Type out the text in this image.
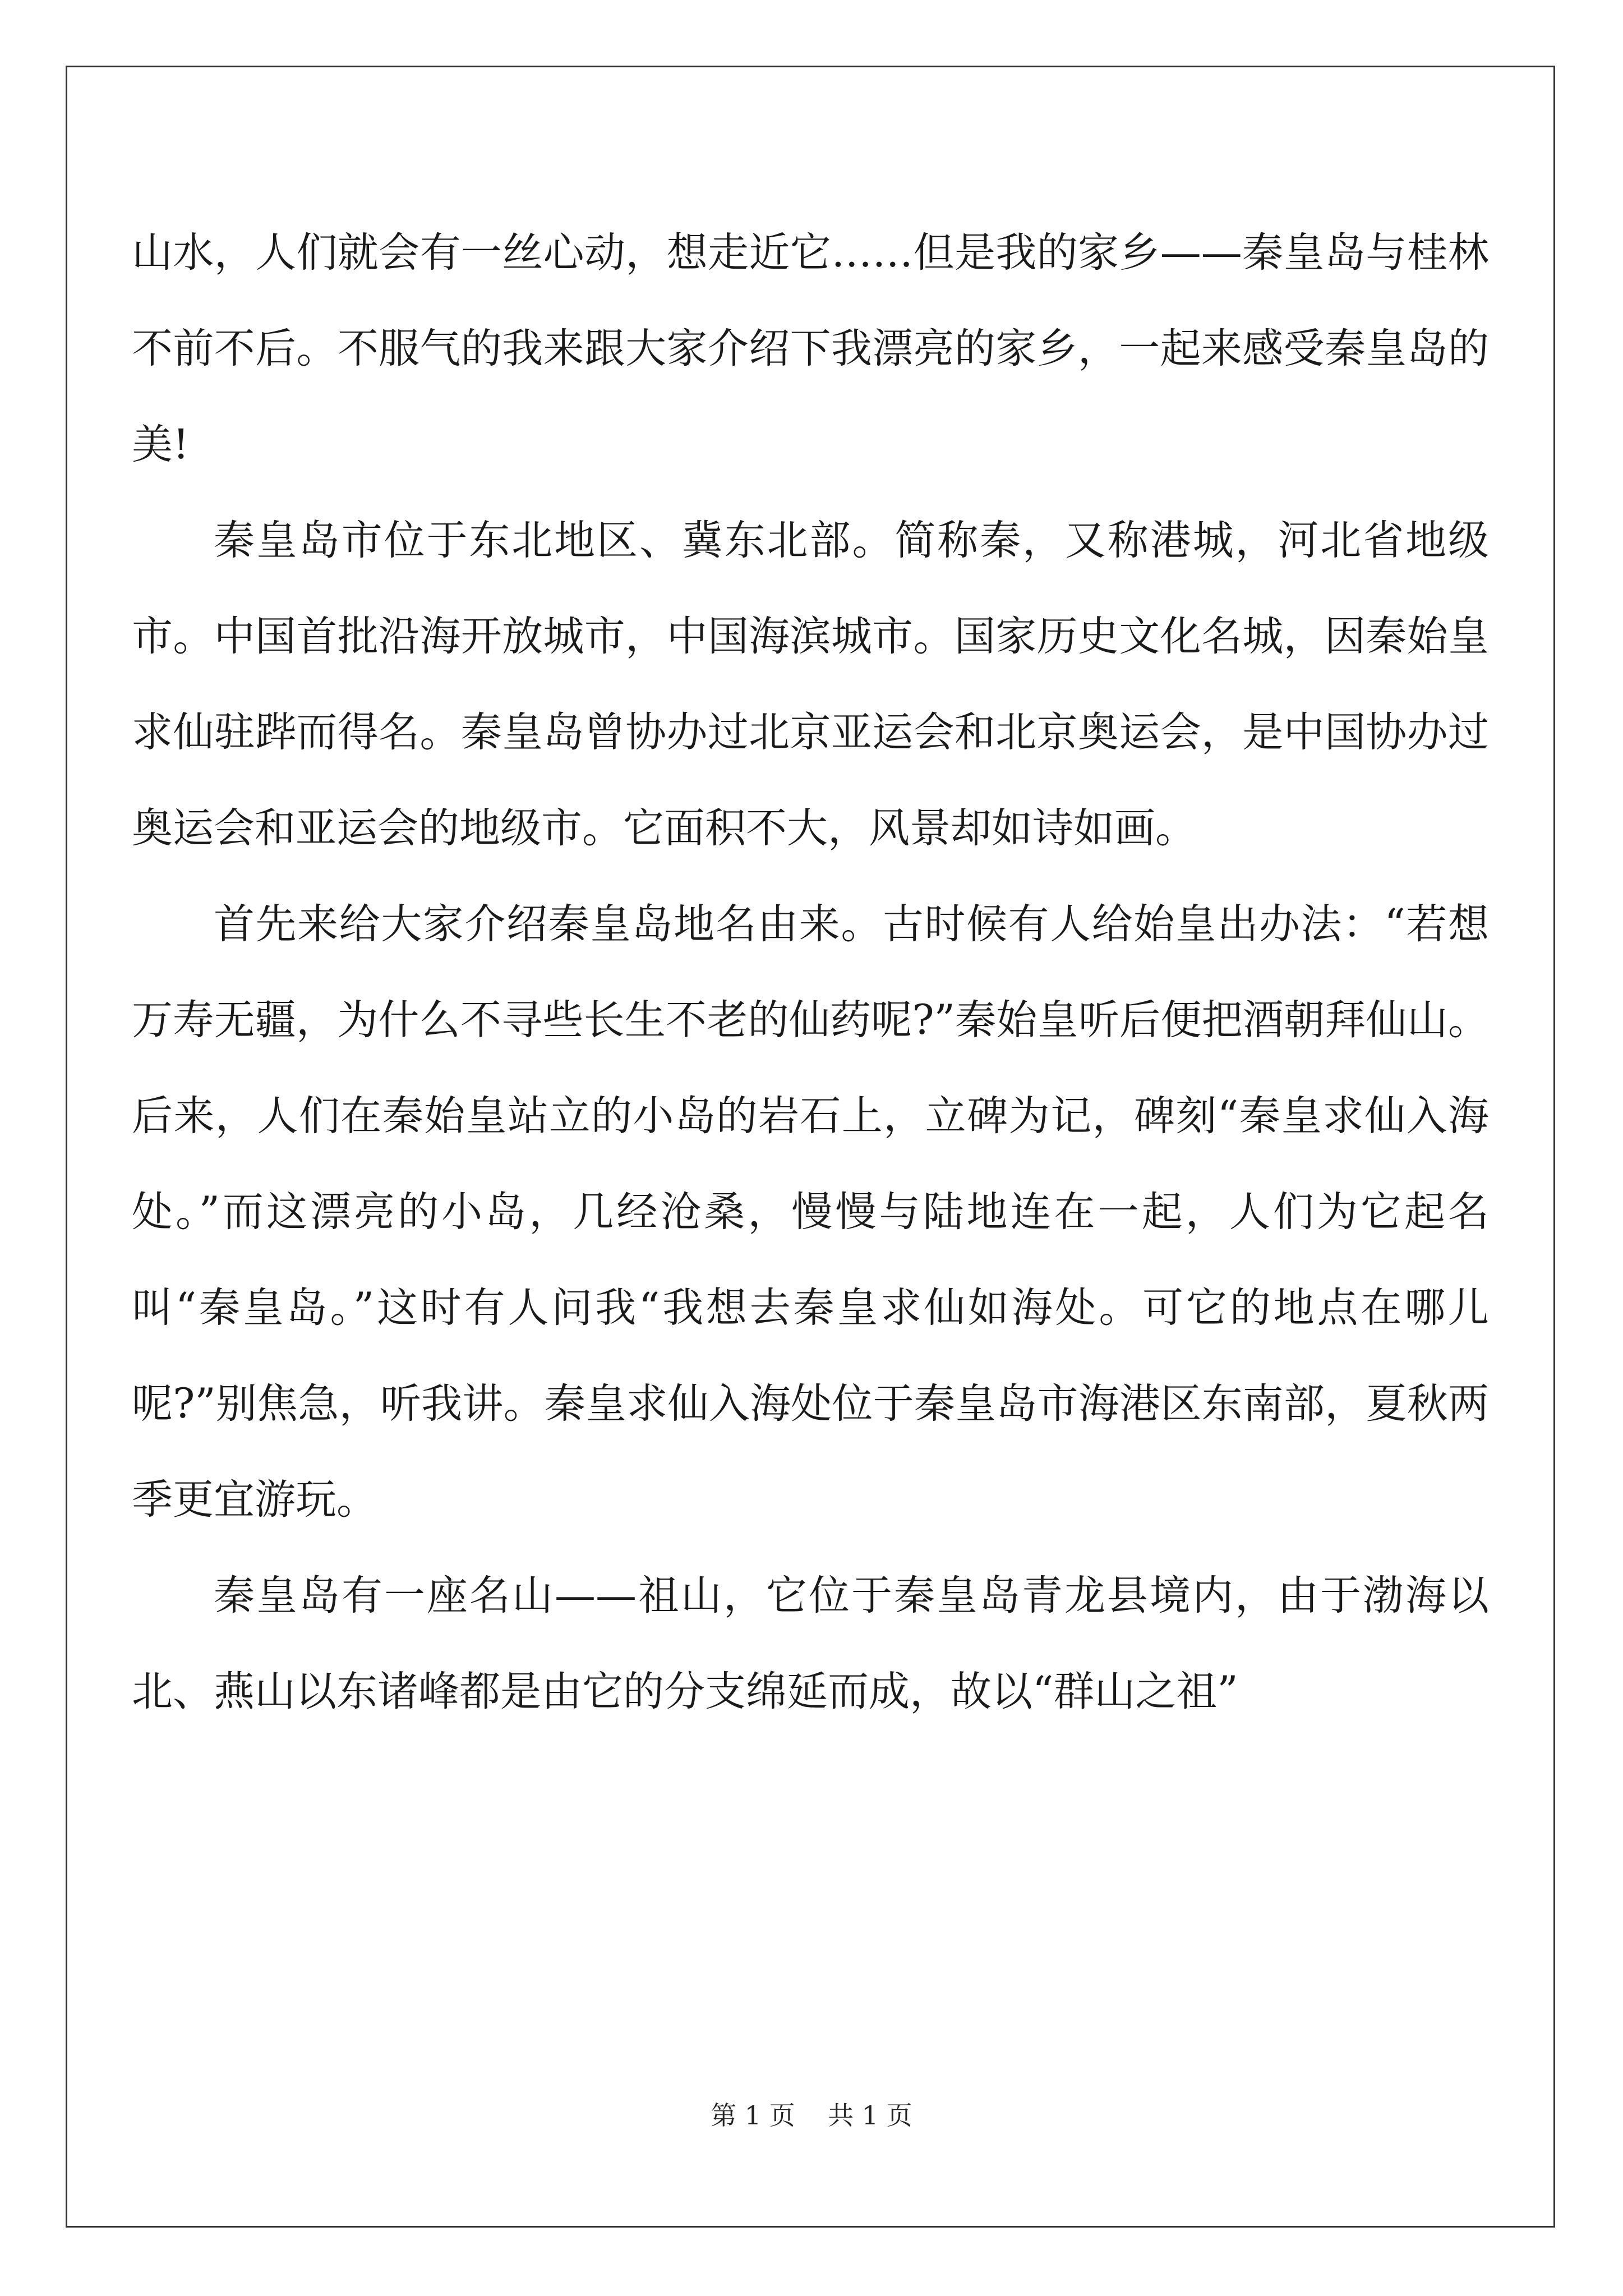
山水，人们就会有一丝心动，想走近它……但是我的家乡——秦皇岛与桂林不前不后。不服气的我来跟大家介绍下我漂亮的家乡，一起来感受秦皇岛的美!

秦皇岛市位于东北地区、冀东北部。简称秦，又称港城，河北省地级市。中国首批沿海开放城市，中国海滨城市。国家历史文化名城，因秦始皇求仙驻跸而得名。秦皇岛曾协办过北京亚运会和北京奥运会，是中国协办过奥运会和亚运会的地级市。它面积不大，风景却如诗如画。

首先来给大家介绍秦皇岛地名由来。古时候有人给始皇出办法：“若想万寿无疆，为什么不寻些长生不老的仙药呢?”秦始皇听后便把酒朝拜仙山。后来，人们在秦始皇站立的小岛的岩石上，立碑为记，碑刻“秦皇求仙入海处。”而这漂亮的小岛，几经沧桑，慢慢与陆地连在一起，人们为它起名叫“秦皇岛。”这时有人问我“我想去秦皇求仙如海处。可它的地点在哪儿呢?”别焦急，听我讲。秦皇求仙入海处位于秦皇岛市海港区东南部，夏秋两季更宜游玩。

秦皇岛有一座名山——祖山，它位于秦皇岛青龙县境内，由于渤海以北、燕山以东诸峰都是由它的分支绵延而成，故以“群山之祖”

第 1 页    共 1 页
